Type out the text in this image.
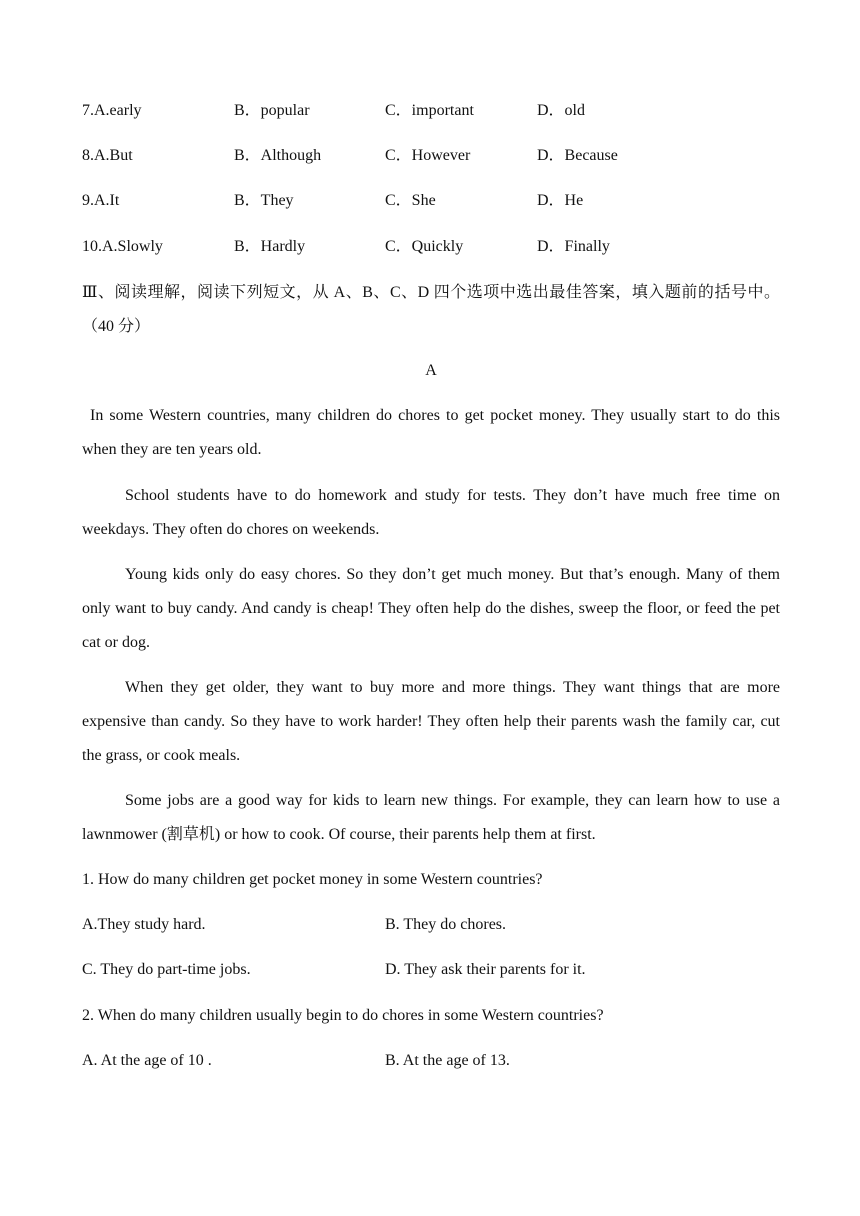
7.A.early	B．popular	C．important	D．old
8.A.But	B．Although	C．However	D．Because
9.A.It	B．They	C．She	D．He
10.A.Slowly	B．Hardly	C．Quickly	D．Finally
Ⅲ、阅读理解，阅读下列短文，从 A、B、C、D 四个选项中选出最佳答案，填入题前的括号中。（40 分）
A
In some Western countries, many children do chores to get pocket money. They usually start to do this when they are ten years old.
School students have to do homework and study for tests. They don’t have much free time on weekdays. They often do chores on weekends.
Young kids only do easy chores. So they don’t get much money. But that’s enough. Many of them only want to buy candy. And candy is cheap! They often help do the dishes, sweep the floor, or feed the pet cat or dog.
When they get older, they want to buy more and more things. They want things that are more expensive than candy. So they have to work harder! They often help their parents wash the family car, cut the grass, or cook meals.
Some jobs are a good way for kids to learn new things. For example, they can learn how to use a lawnmower (割草机) or how to cook. Of course, their parents help them at first.
1. How do many children get pocket money in some Western countries?
A.They study hard.	B. They do chores.
C. They do part-time jobs.	D. They ask their parents for it.
2. When do many children usually begin to do chores in some Western countries?
A. At the age of 10 .	B. At the age of 13.
